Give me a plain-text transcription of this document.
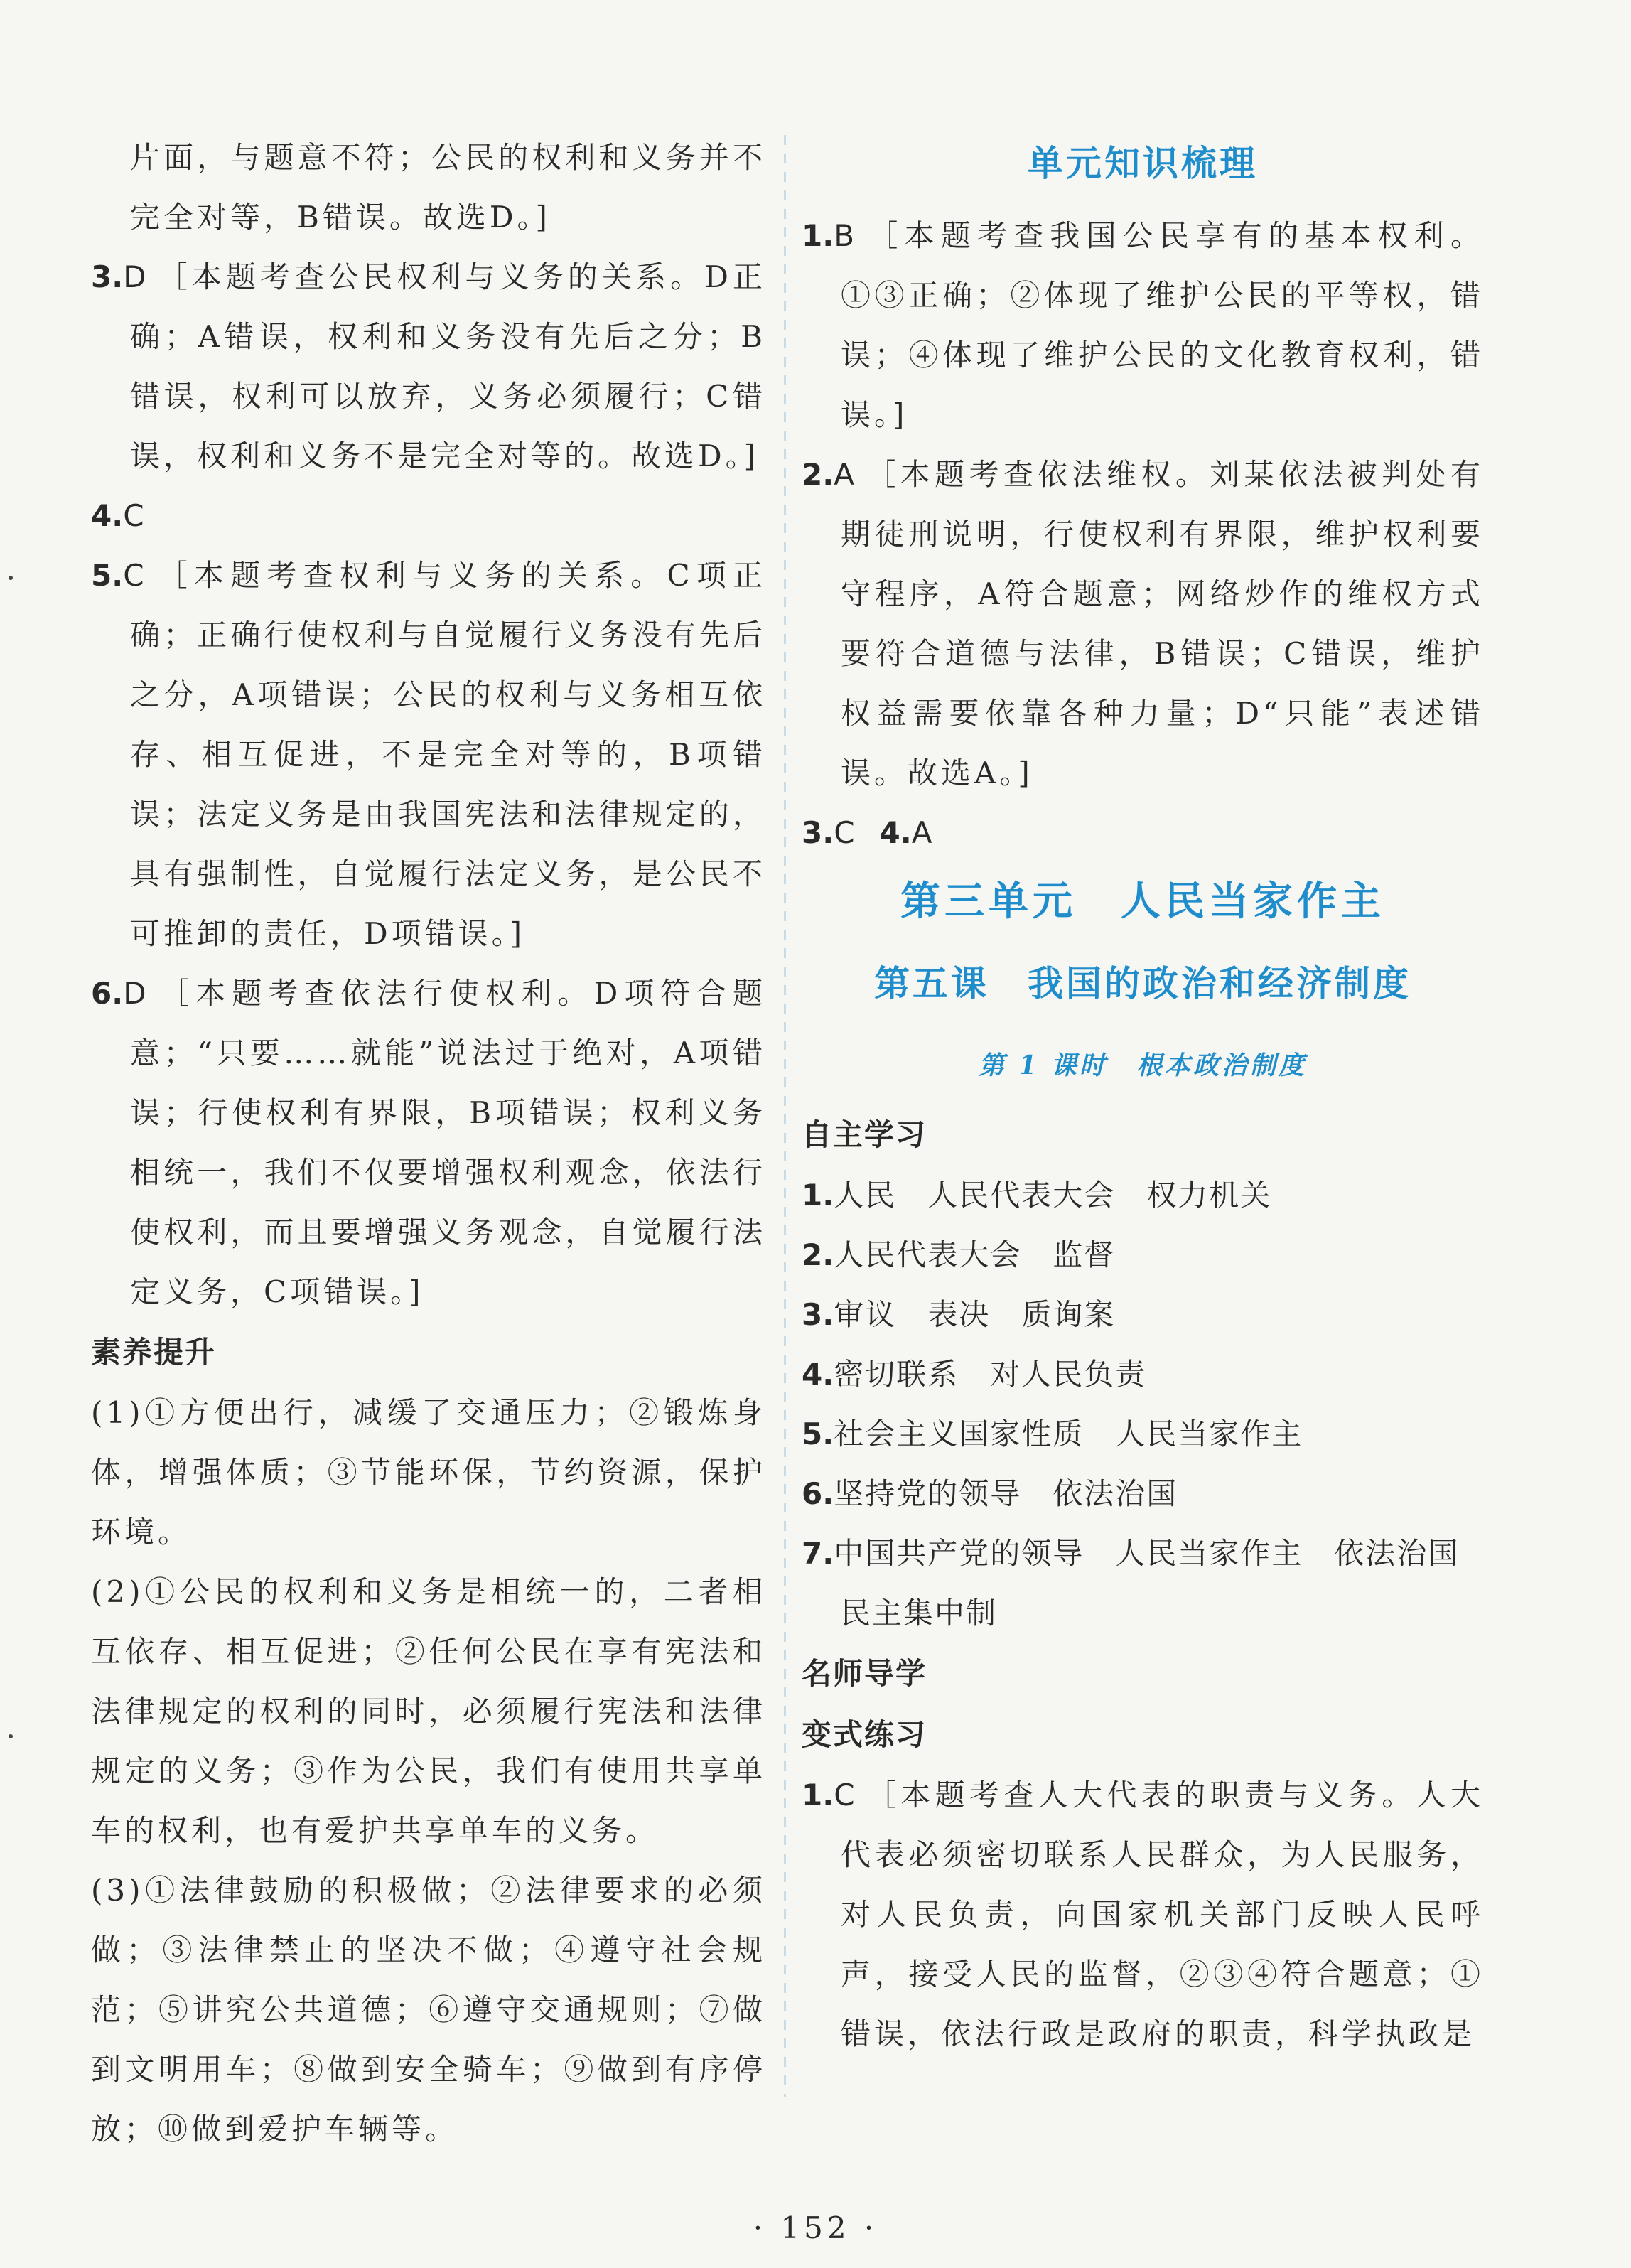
片面，与题意不符；公民的权利和义务并不完全对等，B错误。故选D。]

3.D ［本题考查公民权利与义务的关系。D正确；A错误，权利和义务没有先后之分；B错误，权利可以放弃，义务必须履行；C错误，权利和义务不是完全对等的。故选D。]

4.C

5.C ［本题考查权利与义务的关系。C项正确；正确行使权利与自觉履行义务没有先后之分，A项错误；公民的权利与义务相互依存、相互促进，不是完全对等的，B项错误；法定义务是由我国宪法和法律规定的，具有强制性，自觉履行法定义务，是公民不可推卸的责任，D项错误。]

6.D ［本题考查依法行使权利。D项符合题意；“只要……就能”说法过于绝对，A项错误；行使权利有界限，B项错误；权利义务相统一，我们不仅要增强权利观念，依法行使权利，而且要增强义务观念，自觉履行法定义务，C项错误。]

素养提升

(1)①方便出行，减缓了交通压力；②锻炼身体，增强体质；③节能环保，节约资源，保护环境。

(2)①公民的权利和义务是相统一的，二者相互依存、相互促进；②任何公民在享有宪法和法律规定的权利的同时，必须履行宪法和法律规定的义务；③作为公民，我们有使用共享单车的权利，也有爱护共享单车的义务。

(3)①法律鼓励的积极做；②法律要求的必须做；③法律禁止的坚决不做；④遵守社会规范；⑤讲究公共道德；⑥遵守交通规则；⑦做到文明用车；⑧做到安全骑车；⑨做到有序停放；⑩做到爱护车辆等。

单元知识梳理

1.B ［本题考查我国公民享有的基本权利。①③正确；②体现了维护公民的平等权，错误；④体现了维护公民的文化教育权利，错误。]

2.A ［本题考查依法维权。刘某依法被判处有期徒刑说明，行使权利有界限，维护权利要守程序，A符合题意；网络炒作的维权方式要符合道德与法律，B错误；C错误，维护权益需要依靠各种力量；D“只能”表述错误。故选A。]

3.C 4.A

第三单元　人民当家作主

第五课　我国的政治和经济制度

第 1 课时　根本政治制度

自主学习

1.人民　人民代表大会　权力机关

2.人民代表大会　监督

3.审议　表决　质询案

4.密切联系　对人民负责

5.社会主义国家性质　人民当家作主

6.坚持党的领导　依法治国

7.中国共产党的领导　人民当家作主　依法治国　民主集中制

名师导学

变式练习

1.C ［本题考查人大代表的职责与义务。人大代表必须密切联系人民群众，为人民服务，对人民负责，向国家机关部门反映人民呼声，接受人民的监督，②③④符合题意；①错误，依法行政是政府的职责，科学执政是

· 152 ·
